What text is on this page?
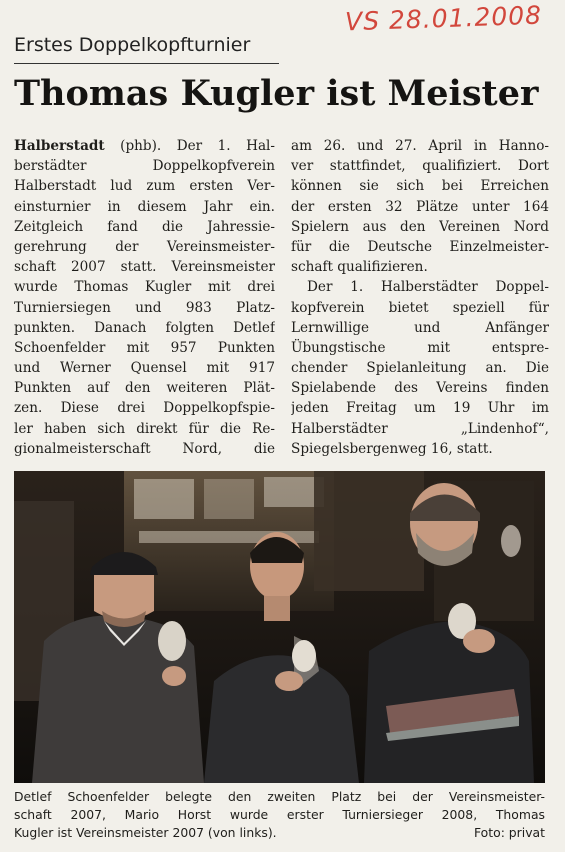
VS 28.01.2008
Erstes Doppelkopfturnier
Thomas Kugler ist Meister
Halberstadt (phb). Der 1. Hal-
berstädter Doppelkopfverein
Halberstadt lud zum ersten Ver-
einsturnier in diesem Jahr ein.
Zeitgleich fand die Jahressie-
gerehrung der Vereinsmeister-
schaft 2007 statt. Vereinsmeister
wurde Thomas Kugler mit drei
Turniersiegen und 983 Platz-
punkten. Danach folgten Detlef
Schoenfelder mit 957 Punkten
und Werner Quensel mit 917
Punkten auf den weiteren Plät-
zen. Diese drei Doppelkopfspie-
ler haben sich direkt für die Re-
gionalmeisterschaft Nord, die
am 26. und 27. April in Hanno-
ver stattfindet, qualifiziert. Dort
können sie sich bei Erreichen
der ersten 32 Plätze unter 164
Spielern aus den Vereinen Nord
für die Deutsche Einzelmeister-
schaft qualifizieren.
Der 1. Halberstädter Doppel-
kopfverein bietet speziell für
Lernwillige und Anfänger
Übungstische mit entspre-
chender Spielanleitung an. Die
Spielabende des Vereins finden
jeden Freitag um 19 Uhr im
Halberstädter „Lindenhof“,
Spiegelsbergenweg 16, statt.
Detlef Schoenfelder belegte den zweiten Platz bei der Vereinsmeister-
schaft 2007, Mario Horst wurde erster Turniersieger 2008, Thomas
Kugler ist Vereinsmeister 2007 (von links).	Foto: privat
